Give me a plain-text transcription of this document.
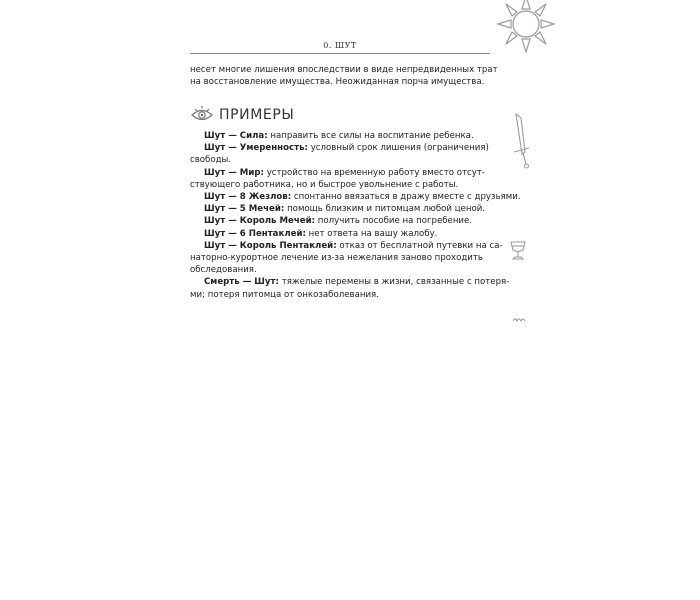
0. ШУТ
несет многие лишения впоследствии в виде непредвиденных трат
на восстановление имущества. Неожиданная порча имущества.
ПРИМЕРЫ
Шут — Сила: направить все силы на воспитание ребенка.
Шут — Умеренность: условный срок лишения (ограничения)
свободы.
Шут — Мир: устройство на временную работу вместо отсут-
ствующего работника, но и быстрое увольнение с работы.
Шут — 8 Жезлов: спонтанно ввязаться в дражу вместе с друзьями.
Шут — 5 Мечей: помощь близким и питомцам любой ценой.
Шут — Король Мечей: получить пособие на погребение.
Шут — 6 Пентаклей: нет ответа на вашу жалобу.
Шут — Король Пентаклей: отказ от бесплатной путевки на са-
наторно-курортное лечение из-за нежелания заново проходить
обследования.
Смерть — Шут: тяжелые перемены в жизни, связанные с потеря-
ми; потеря питомца от онкозаболевания.
